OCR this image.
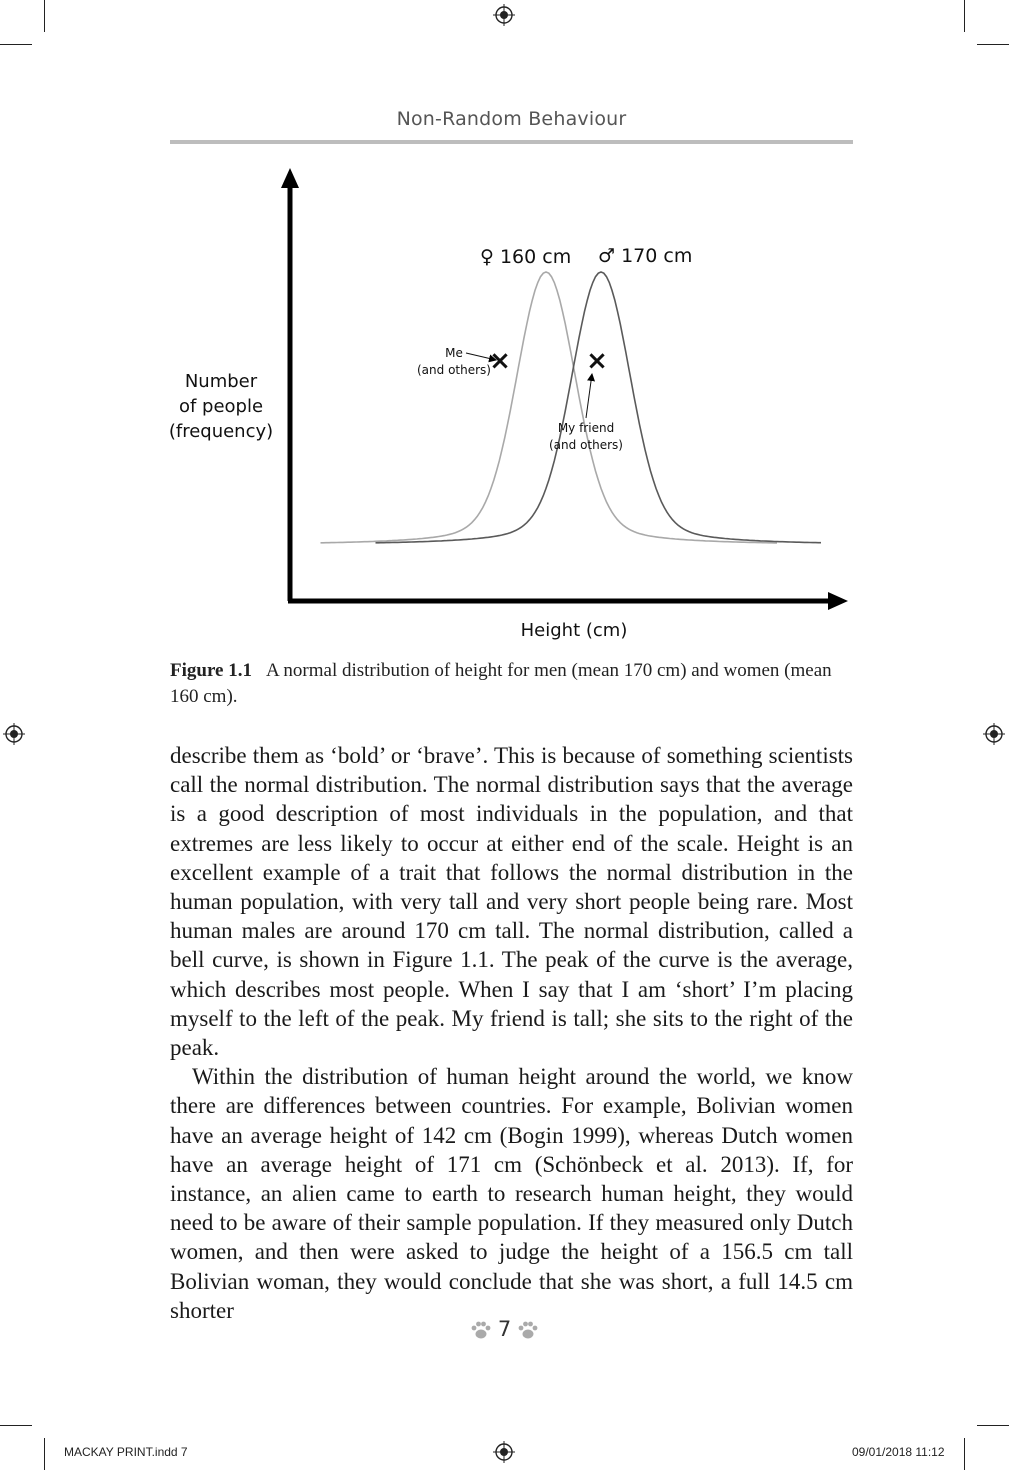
Non-Random Behaviour
♀ 160 cm ♂ 170 cm
Number
of people
(frequency)
Height (cm)
×	×
Me
(and others)
My friend
(and others)
Figure 1.1 A normal distribution of height for men (mean 170 cm) and women (mean 160 cm).

describe them as ‘bold’ or ‘brave’. This is because of something scientists call the normal distribution. The normal distribution says that the average is a good description of most individuals in the population, and that extremes are less likely to occur at either end of the scale. Height is an excellent example of a trait that follows the normal distribution in the human population, with very tall and very short people being rare. Most human males are around 170 cm tall. The normal distribution, called a bell curve, is shown in Figure 1.1. The peak of the curve is the average, which describes most people. When I say that I am ‘short’ I’m placing myself to the left of the peak. My friend is tall; she sits to the right of the peak.

Within the distribution of human height around the world, we know there are differences between countries. For example, Bolivian women have an average height of 142 cm (Bogin 1999), whereas Dutch women have an average height of 171 cm (Schönbeck et al. 2013). If, for instance, an alien came to earth to research human height, they would need to be aware of their sample population. If they measured only Dutch women, and then were asked to judge the height of a 156.5 cm tall Bolivian woman, they would conclude that she was short, a full 14.5 cm shorter

7
MACKAY PRINT.indd 7	09/01/2018 11:12
